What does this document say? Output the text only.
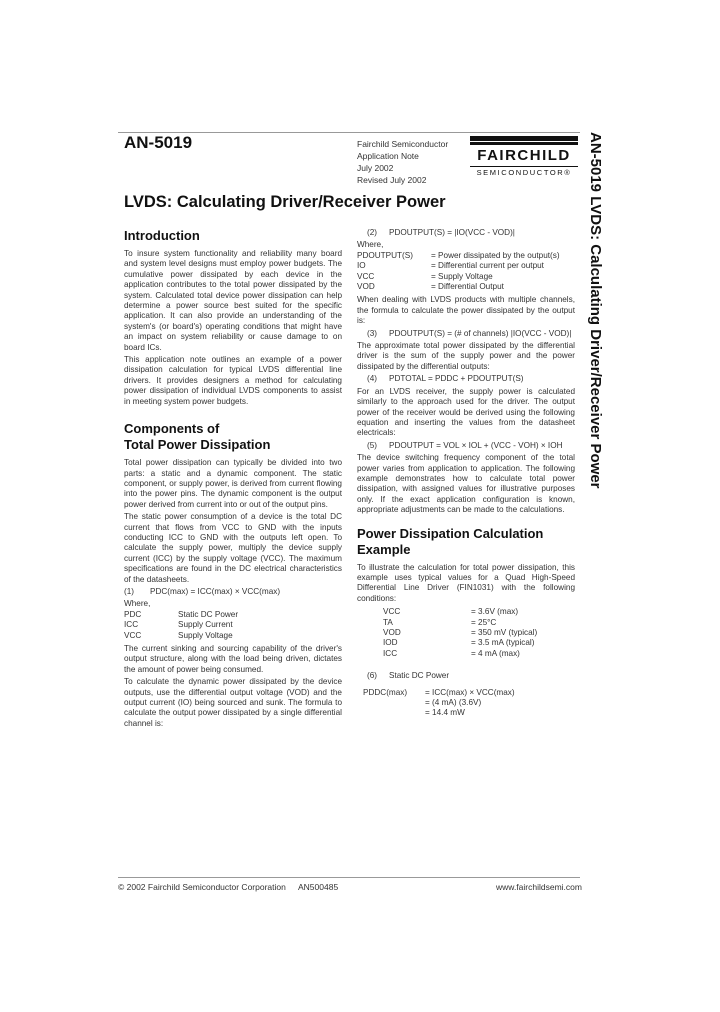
AN-5019	Fairchild Semiconductor
Application Note
July 2002
Revised July 2002
FAIRCHILD
SEMICONDUCTOR®
LVDS: Calculating Driver/Receiver Power	AN-5019 LVDS: Calculating Driver/Receiver Power
Introduction

To insure system functionality and reliability many board and system level designs must employ power budgets. The cumulative power dissipated by each device in the application contributes to the total power dissipated by the system. Calculated total device power dissipation can help determine a power source best suited for the specific application. It can also provide an understanding of the system's (or board's) operating conditions that might have an impact on system reliability or cause damage to on board ICs.

This application note outlines an example of a power dissipation calculation for typical LVDS differential line drivers. It provides designers a method for calculating power dissipation of individual LVDS components to assist in meeting system power budgets.

Components of
Total Power Dissipation

Total power dissipation can typically be divided into two parts: a static and a dynamic component. The static component, or supply power, is derived from current flowing into the power pins. The dynamic component is the output power derived from current into or out of the output pins.

The static power consumption of a device is the total DC current that flows from VCC to GND with the inputs conducting ICC to GND with the outputs left open. To calculate the supply power, multiply the device supply current (ICC) by the supply voltage (VCC). The maximum specifications are found in the DC electrical characteristics of the datasheets.

(1)	PDC(max) = ICC(max) × VCC(max)
Where,
PDC	Static DC Power
ICC	Supply Current
VCC	Supply Voltage

The current sinking and sourcing capability of the driver's output structure, along with the load being driven, dictates the amount of power being consumed.

To calculate the dynamic power dissipated by the device outputs, use the differential output voltage (VOD) and the output current (IO) being sourced and sunk. The formula to calculate the output power dissipated by a single differential channel is:

(2)	PDOUTPUT(S) = |IO(VCC - VOD)|
Where,
PDOUTPUT(S)	= Power dissipated by the output(s)
IO	= Differential current per output
VCC	= Supply Voltage
VOD	= Differential Output

When dealing with LVDS products with multiple channels, the formula to calculate the power dissipated by the output is:

(3)	PDOUTPUT(S) = (# of channels) |IO(VCC - VOD)|

The approximate total power dissipated by the differential driver is the sum of the supply power and the power dissipated by the differential outputs:

(4)	PDTOTAL = PDDC + PDOUTPUT(S)

For an LVDS receiver, the supply power is calculated similarly to the approach used for the driver. The output power of the receiver would be derived using the following equation and inserting the values from the datasheet electricals:

(5)	PDOUTPUT = VOL × IOL + (VCC - VOH) × IOH

The device switching frequency component of the total power varies from application to application. The following example demonstrates how to calculate total power dissipation, with assigned values for illustrative purposes only. If the exact application configuration is known, appropriate adjustments can be made to the calculations.

Power Dissipation Calculation
Example

To illustrate the calculation for total power dissipation, this example uses typical values for a Quad High-Speed Differential Line Driver (FIN1031) with the following conditions:

VCC	= 3.6V (max)
TA	= 25°C
VOD	= 350 mV (typical)
IOD	= 3.5 mA (typical)
ICC	= 4 mA (max)
(6)	Static DC Power
PDDC(max)	= ICC(max) × VCC(max)
= (4 mA) (3.6V)
= 14.4 mW
© 2002 Fairchild Semiconductor Corporation AN500485	www.fairchildsemi.com
